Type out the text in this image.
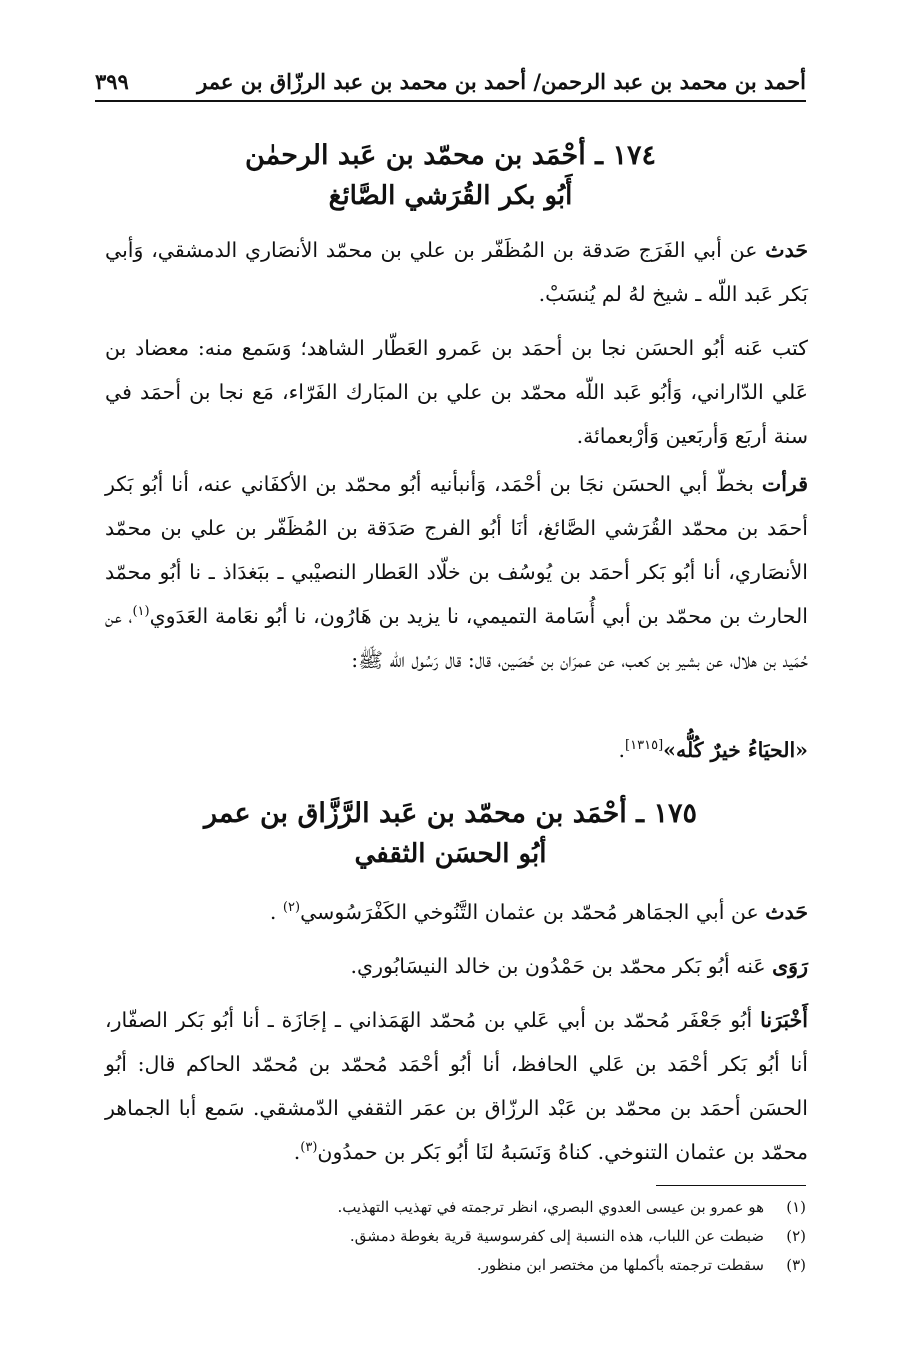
أحمد بن محمد بن عبد الرحمن/ أحمد بن محمد بن عبد الرزّاق بن عمر
٣٩٩
١٧٤ ـ أحْمَد بن محمّد بن عَبد الرحمٰن
أَبُو بكر القُرَشي الصَّائغ
حَدث عن أبي الفَرَج صَدقة بن المُظَفّر بن علي بن محمّد الأنصَاري الدمشقي، وَأبي بَكر عَبد اللّه ـ شيخ لهُ لم يُنسَبْ.
كتب عَنه أبُو الحسَن نجا بن أحمَد بن عَمرو العَطّار الشاهد؛ وَسَمع منه: معضاد بن عَلي الدّاراني، وَأبُو عَبد اللّه محمّد بن علي بن المبَارك الفَرّاء، مَع نجا بن أحمَد في سنة أربَع وَأربَعين وَأرْبعمائة.
قرأت بخطّ أبي الحسَن نجَا بن أحْمَد، وَأنبأنيه أبُو محمّد بن الأكفَاني عنه، أنا أبُو بَكر أحمَد بن محمّد القُرَشي الصَّائغ، أنَا أبُو الفرج صَدَقة بن المُظَفّر بن علي بن محمّد الأنصَاري، أنا أبُو بَكر أحمَد بن يُوسُف بن خلّاد العَطار النصيْبي ـ ببَغدَاذ ـ نا أبُو محمّد الحارث بن محمّد بن أبي أُسَامة التميمي، نا يزيد بن هَارُون، نا أبُو نعَامة العَدَوي$^{(١)}$، عن حُمَيد بن هلال، عن بشير بن كعب، عن عمرَان بن حُصَين، قال: قال رَسُول الله ﷺ:
«الحيَاءُ خيرٌ كُلُّه»[١٣١٥].
١٧٥ ـ أحْمَد بن محمّد بن عَبد الرَّزَّاق بن عمر
أبُو الحسَن الثقفي
حَدث عن أبي الجمَاهر مُحمّد بن عثمان التَّنُوخي الكَفْرَسُوسي$^{(٢)}$ .
رَوَى عَنه أبُو بَكر محمّد بن حَمْدُون بن خالد النيسَابُوري.
أَخْبَرَنا أبُو جَعْفَر مُحمّد بن أبي عَلي بن مُحمّد الهَمَذاني ـ إجَازَة ـ أنا أبُو بَكر الصفّار، أنا أبُو بَكر أحْمَد بن عَلي الحافظ، أنا أبُو أحْمَد مُحمّد بن مُحمّد الحاكم قال: أبُو الحسَن أحمَد بن محمّد بن عَبْد الرزّاق بن عمَر الثقفي الدّمشقي. سَمع أبا الجماهر محمّد بن عثمان التنوخي. كناهُ وَنَسَبهُ لنَا أبُو بَكر بن حمدُون$^{(٣)}$.
(١)هو عمرو بن عيسى العدوي البصري، انظر ترجمته في تهذيب التهذيب.
(٢)ضبطت عن اللباب، هذه النسبة إلى كفرسوسية قرية بغوطة دمشق.
(٣)سقطت ترجمته بأكملها من مختصر ابن منظور.
